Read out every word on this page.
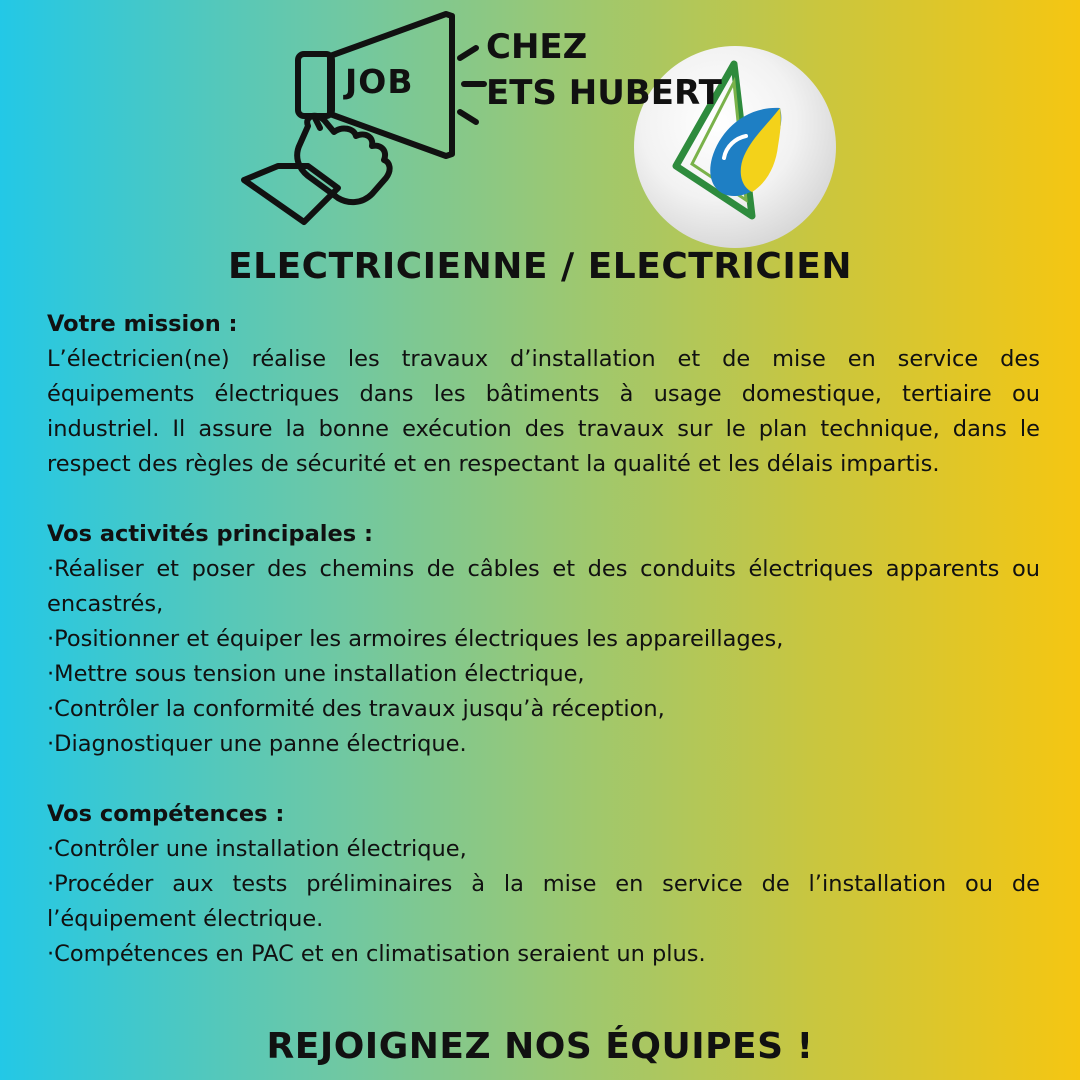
JOB
CHEZ
ETS HUBERT
ELECTRICIENNE / ELECTRICIEN

Votre mission :

L’électricien(ne) réalise les travaux d’installation et de mise en service des équipements électriques dans les bâtiments à usage domestique, tertiaire ou industriel. Il assure la bonne exécution des travaux sur le plan technique, dans le respect des règles de sécurité et en respectant la qualité et les délais impartis.

Vos activités principales :

·Réaliser et poser des chemins de câbles et des conduits électriques apparents ou encastrés,

·Positionner et équiper les armoires électriques les appareillages,

·Mettre sous tension une installation électrique,

·Contrôler la conformité des travaux jusqu’à réception,

·Diagnostiquer une panne électrique.

Vos compétences :

·Contrôler une installation électrique,

·Procéder aux tests préliminaires à la mise en service de l’installation ou de l’équipement électrique.

·Compétences en PAC et en climatisation seraient un plus.

REJOIGNEZ NOS ÉQUIPES !
